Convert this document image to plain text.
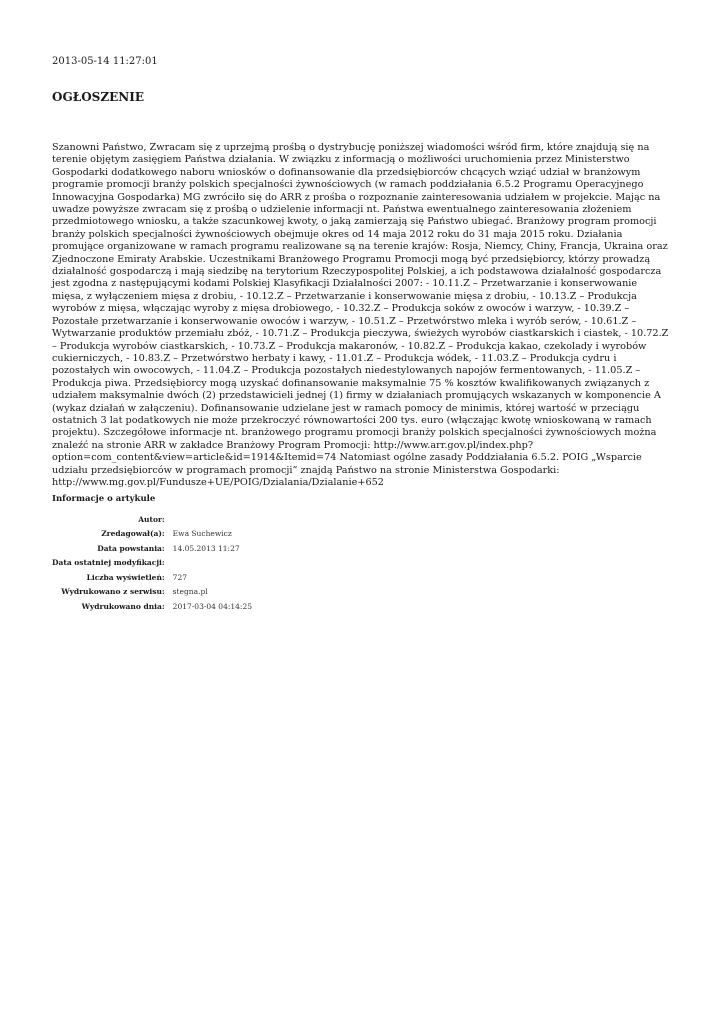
2013-05-14 11:27:01
OGŁOSZENIE

Szanowni Państwo, Zwracam się z uprzejmą prośbą o dystrybucję poniższej wiadomości wśród firm, które znajdują się na terenie objętym zasięgiem Państwa działania. W związku z informacją o możliwości uruchomienia przez Ministerstwo Gospodarki dodatkowego naboru wniosków o dofinansowanie dla przedsiębiorców chcących wziąć udział w branżowym programie promocji branży polskich specjalności żywnościowych (w ramach poddziałania 6.5.2 Programu Operacyjnego Innowacyjna Gospodarka) MG zwróciło się do ARR z prośba o rozpoznanie zainteresowania udziałem w projekcie. Mając na uwadze powyższe zwracam się z prośbą o udzielenie informacji nt. Państwa ewentualnego zainteresowania złożeniem przedmiotowego wniosku, a także szacunkowej kwoty, o jaką zamierzają się Państwo ubiegać. Branżowy program promocji branży polskich specjalności żywnościowych obejmuje okres od 14 maja 2012 roku do 31 maja 2015 roku. Działania promujące organizowane w ramach programu realizowane są na terenie krajów: Rosja, Niemcy, Chiny, Francja, Ukraina oraz Zjednoczone Emiraty Arabskie. Uczestnikami Branżowego Programu Promocji mogą być przedsiębiorcy, którzy prowadzą działalność gospodarczą i mają siedzibę na terytorium Rzeczypospolitej Polskiej, a ich podstawowa działalność gospodarcza jest zgodna z następującymi kodami Polskiej Klasyfikacji Działalności 2007: - 10.11.Z – Przetwarzanie i konserwowanie mięsa, z wyłączeniem mięsa z drobiu, - 10.12.Z – Przetwarzanie i konserwowanie mięsa z drobiu, - 10.13.Z – Produkcja wyrobów z mięsa, włączając wyroby z mięsa drobiowego, - 10.32.Z – Produkcja soków z owoców i warzyw, - 10.39.Z – Pozostałe przetwarzanie i konserwowanie owoców i warzyw, - 10.51.Z – Przetwórstwo mleka i wyrób serów, - 10.61.Z – Wytwarzanie produktów przemiału zbóż, - 10.71.Z – Produkcja pieczywa, świeżych wyrobów ciastkarskich i ciastek, - 10.72.Z – Produkcja wyrobów ciastkarskich, - 10.73.Z – Produkcja makaronów, - 10.82.Z – Produkcja kakao, czekolady i wyrobów cukierniczych, - 10.83.Z – Przetwórstwo herbaty i kawy, - 11.01.Z – Produkcja wódek, - 11.03.Z – Produkcja cydru i pozostałych win owocowych, - 11.04.Z – Produkcja pozostałych niedestylowanych napojów fermentowanych, - 11.05.Z – Produkcja piwa. Przedsiębiorcy mogą uzyskać dofinansowanie maksymalnie 75 % kosztów kwalifikowanych związanych z udziałem maksymalnie dwóch (2) przedstawicieli jednej (1) firmy w działaniach promujących wskazanych w komponencie A (wykaz działań w załączeniu). Dofinansowanie udzielane jest w ramach pomocy de minimis, której wartość w przeciągu ostatnich 3 lat podatkowych nie może przekroczyć równowartości 200 tys. euro (włączając kwotę wnioskowaną w ramach projektu). Szczegółowe informacje nt. branżowego programu promocji branży polskich specjalności żywnościowych można znaleźć na stronie ARR w zakładce Branżowy Program Promocji: http://www.arr.gov.pl/index.php?option=com_content&view=article&id=1914&Itemid=74 Natomiast ogólne zasady Poddziałania 6.5.2. POIG „Wsparcie udziału przedsiębiorców w programach promocji” znajdą Państwo na stronie Ministerstwa Gospodarki: http://www.mg.gov.pl/Fundusze+UE/POIG/Dzialania/Dzialanie+652

Informacje o artykule
Autor:	
Zredagował(a):	Ewa Suchewicz
Data powstania:	14.05.2013 11:27
Data ostatniej modyfikacji:	
Liczba wyświetleń:	727
Wydrukowano z serwisu:	stegna.pl
Wydrukowano dnia:	2017-03-04 04:14:25
